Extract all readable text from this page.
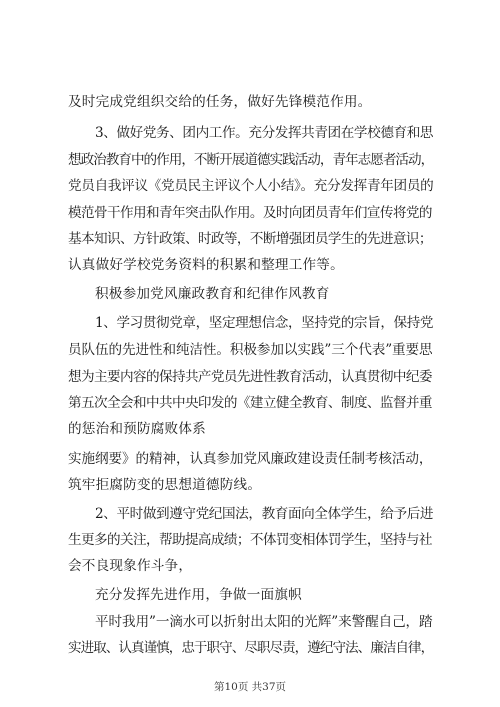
及时完成党组织交给的任务，做好先锋模范作用。
3、做好党务、团内工作。充分发挥共青团在学校德育和思
想政治教育中的作用，不断开展道德实践活动，青年志愿者活动，
党员自我评议《党员民主评议个人小结》。充分发挥青年团员的
模范骨干作用和青年突击队作用。及时向团员青年们宣传将党的
基本知识、方针政策、时政等，不断增强团员学生的先进意识；
认真做好学校党务资料的积累和整理工作等。
积极参加党风廉政教育和纪律作风教育
1、学习贯彻党章，坚定理想信念，坚持党的宗旨，保持党
员队伍的先进性和纯洁性。积极参加以实践”三个代表”重要思
想为主要内容的保持共产党员先进性教育活动，认真贯彻中纪委
第五次全会和中共中央印发的《建立健全教育、制度、监督并重
的惩治和预防腐败体系
实施纲要》的精神，认真参加党风廉政建设责任制考核活动，
筑牢拒腐防变的思想道德防线。
2、平时做到遵守党纪国法，教育面向全体学生，给予后进
生更多的关注，帮助提高成绩；不体罚变相体罚学生，坚持与社
会不良现象作斗争，
充分发挥先进作用，争做一面旗帜
平时我用”一滴水可以折射出太阳的光辉”来警醒自己，踏
实进取、认真谨慎，忠于职守、尽职尽责，遵纪守法、廉洁自律，
第10页 共37页
